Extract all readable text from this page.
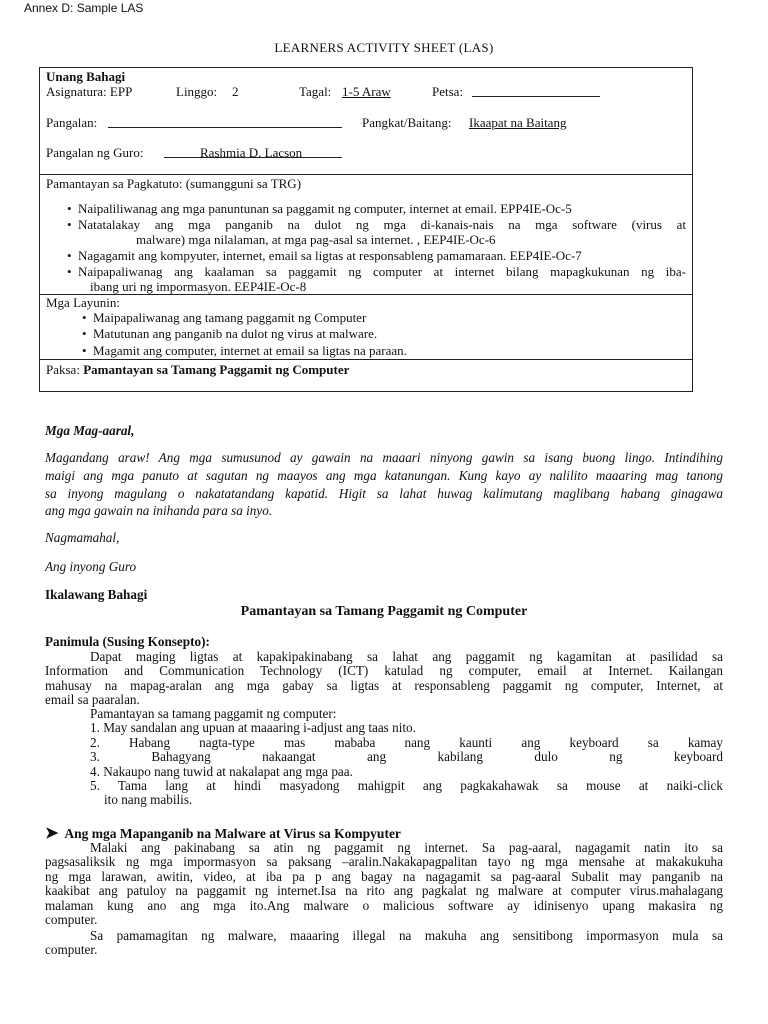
Annex D: Sample LAS
LEARNERS ACTIVITY SHEET (LAS)
Unang Bahagi
Asignatura: EPP	Linggo: 2	Tagal: 1-5 Araw	Petsa:
Pangalan:	Pangkat/Baitang: Ikaapat na Baitang
Pangalan ng Guro:	Rashmia D. Lacson
Pamantayan sa Pagkatuto: (sumangguni sa TRG)
• Naipaliliwanag ang mga panuntunan sa paggamit ng computer, internet at email. EPP4IE-Oc-5
• Natatalakay ang mga panganib na dulot ng mga di-kanais-nais na mga software (virus at
malware) mga nilalaman, at mga pag-asal sa internet. , EEP4IE-Oc-6
• Nagagamit ang kompyuter, internet, email sa ligtas at responsableng pamamaraan. EEP4IE-Oc-7
• Naipapaliwanag ang kaalaman sa paggamit ng computer at internet bilang mapagkukunan ng iba-
ibang uri ng impormasyon. EEP4IE-Oc-8
Mga Layunin:
• Maipapaliwanag ang tamang paggamit ng Computer
• Matutunan ang panganib na dulot ng virus at malware.
• Magamit ang computer, internet at email sa ligtas na paraan.
Paksa: Pamantayan sa Tamang Paggamit ng Computer
Mga Mag-aaral,
Magandang araw! Ang mga sumusunod ay gawain na maaari ninyong gawin sa isang buong lingo. Intindihing
maigi ang mga panuto at sagutan ng maayos ang mga katanungan. Kung kayo ay nalilito maaaring mag tanong
sa inyong magulang o nakatatandang kapatid. Higit sa lahat huwag kalimutang maglibang habang ginagawa
ang mga gawain na inihanda para sa inyo.
Nagmamahal,
Ang inyong Guro
Ikalawang Bahagi
Pamantayan sa Tamang Paggamit ng Computer
Panimula (Susing Konsepto):
Dapat maging ligtas at kapakipakinabang sa lahat ang paggamit ng kagamitan at pasilidad sa
Information and Communication Technology (ICT) katulad ng computer, email at Internet. Kailangan
mahusay na mapag-aralan ang mga gabay sa ligtas at responsableng paggamit ng computer, Internet, at
email sa paaralan.
Pamantayan sa tamang paggamit ng computer:
1. May sandalan ang upuan at maaaring i-adjust ang taas nito.
2. Habang nagta-type mas mababa nang kaunti ang keyboard sa kamay
3. Bahagyang nakaangat ang kabilang dulo ng keyboard
4. Nakaupo nang tuwid at nakalapat ang mga paa.
5. Tama lang at hindi masyadong mahigpit ang pagkakahawak sa mouse at naiki-click
ito nang mabilis.
➤ Ang mga Mapanganib na Malware at Virus sa Kompyuter
Malaki ang pakinabang sa atin ng paggamit ng internet. Sa pag-aaral, nagagamit natin ito sa
pagsasaliksik ng mga impormasyon sa paksang –aralin.Nakakapagpalitan tayo ng mga mensahe at makakukuha
ng mga larawan, awitin, video, at iba pa p ang bagay na nagagamit sa pag-aaral Subalit may panganib na
kaakibat ang patuloy na paggamit ng internet.Isa na rito ang pagkalat ng malware at computer virus.mahalagang
malaman kung ano ang mga ito.Ang malware o malicious software ay idinisenyo upang makasira ng
computer.
Sa pamamagitan ng malware, maaaring illegal na makuha ang sensitibong impormasyon mula sa
computer.
